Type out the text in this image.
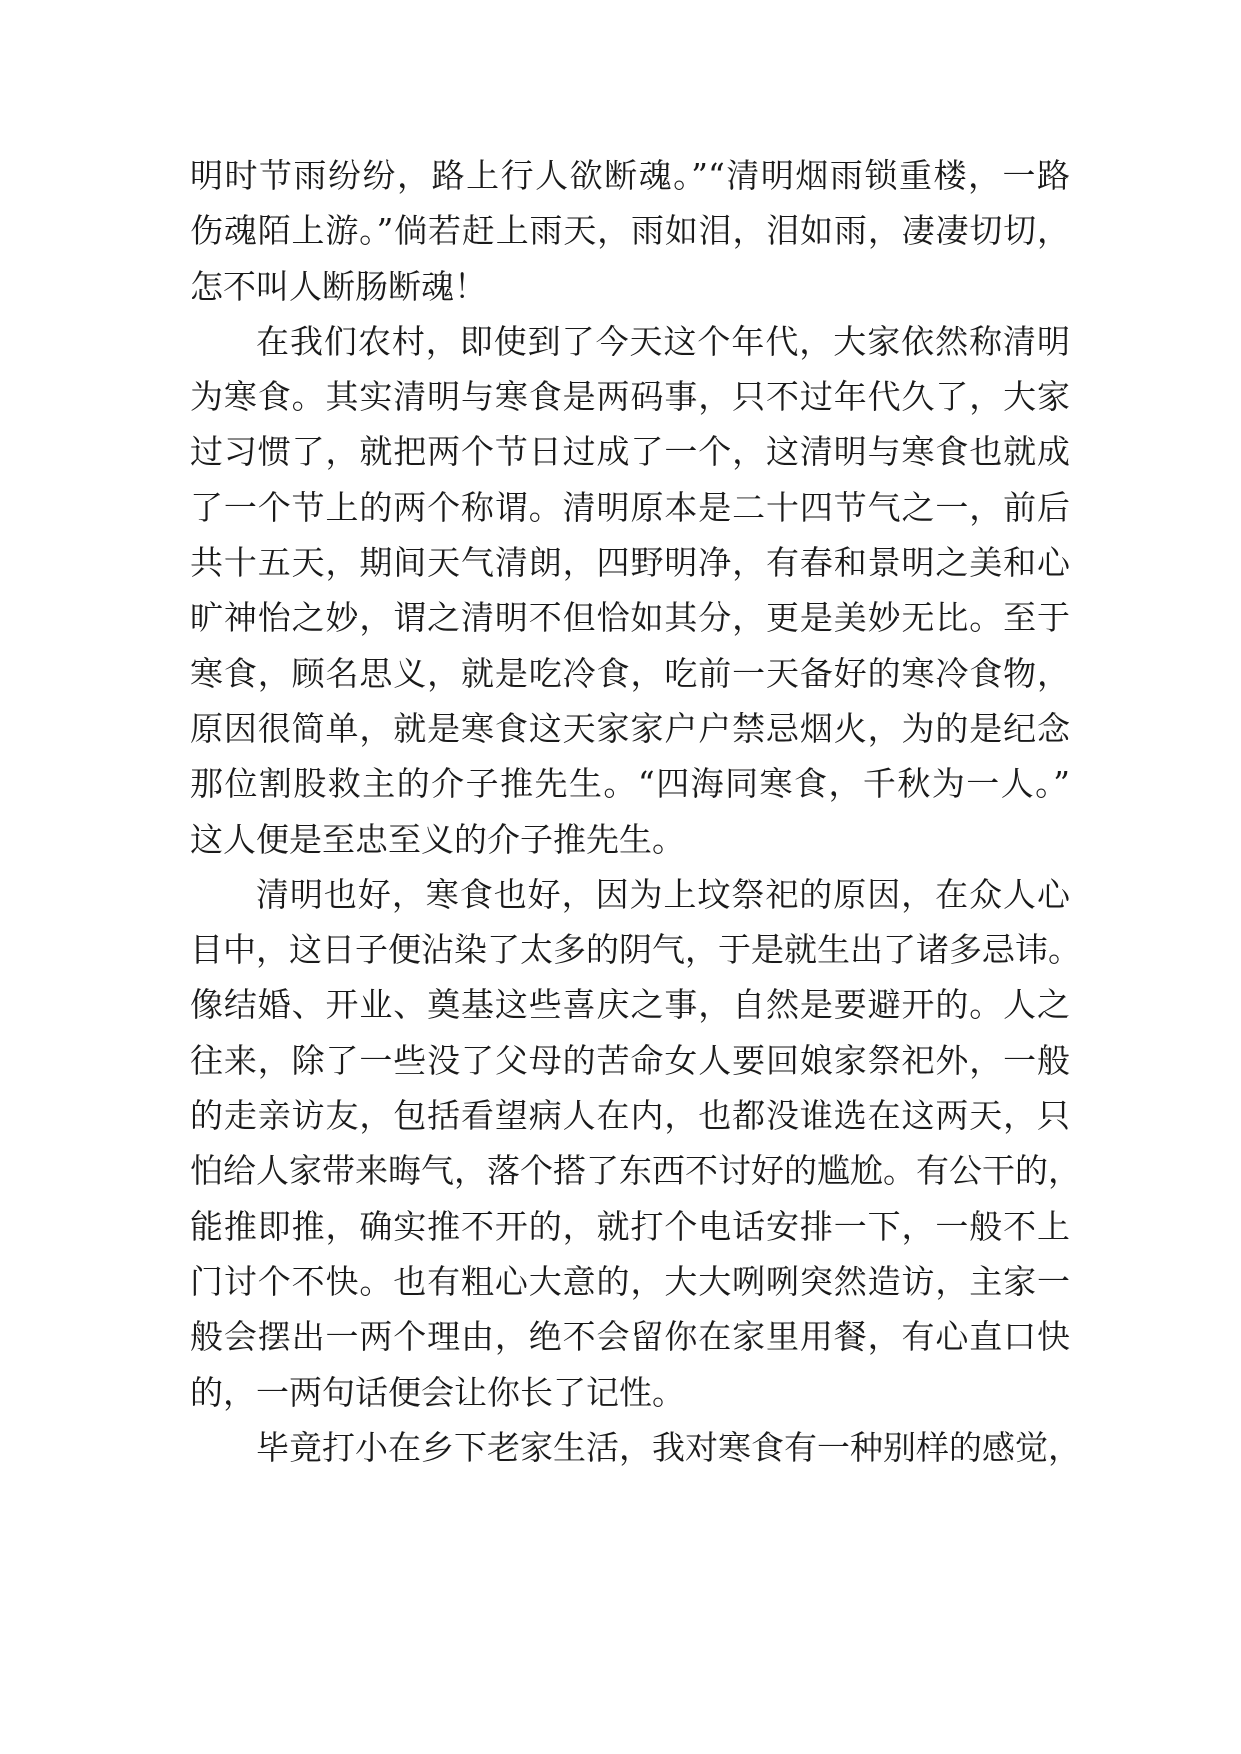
明时节雨纷纷，路上行人欲断魂。”“清明烟雨锁重楼，一路
伤魂陌上游。”倘若赶上雨天，雨如泪，泪如雨，凄凄切切，
怎不叫人断肠断魂！
在我们农村，即使到了今天这个年代，大家依然称清明
为寒食。其实清明与寒食是两码事，只不过年代久了，大家
过习惯了，就把两个节日过成了一个，这清明与寒食也就成
了一个节上的两个称谓。清明原本是二十四节气之一，前后
共十五天，期间天气清朗，四野明净，有春和景明之美和心
旷神怡之妙，谓之清明不但恰如其分，更是美妙无比。至于
寒食，顾名思义，就是吃冷食，吃前一天备好的寒冷食物，
原因很简单，就是寒食这天家家户户禁忌烟火，为的是纪念
那位割股救主的介子推先生。“四海同寒食，千秋为一人。”
这人便是至忠至义的介子推先生。
清明也好，寒食也好，因为上坟祭祀的原因，在众人心
目中，这日子便沾染了太多的阴气，于是就生出了诸多忌讳。
像结婚、开业、奠基这些喜庆之事，自然是要避开的。人之
往来，除了一些没了父母的苦命女人要回娘家祭祀外，一般
的走亲访友，包括看望病人在内，也都没谁选在这两天，只
怕给人家带来晦气，落个搭了东西不讨好的尴尬。有公干的，
能推即推，确实推不开的，就打个电话安排一下，一般不上
门讨个不快。也有粗心大意的，大大咧咧突然造访，主家一
般会摆出一两个理由，绝不会留你在家里用餐，有心直口快
的，一两句话便会让你长了记性。
毕竟打小在乡下老家生活，我对寒食有一种别样的感觉，
